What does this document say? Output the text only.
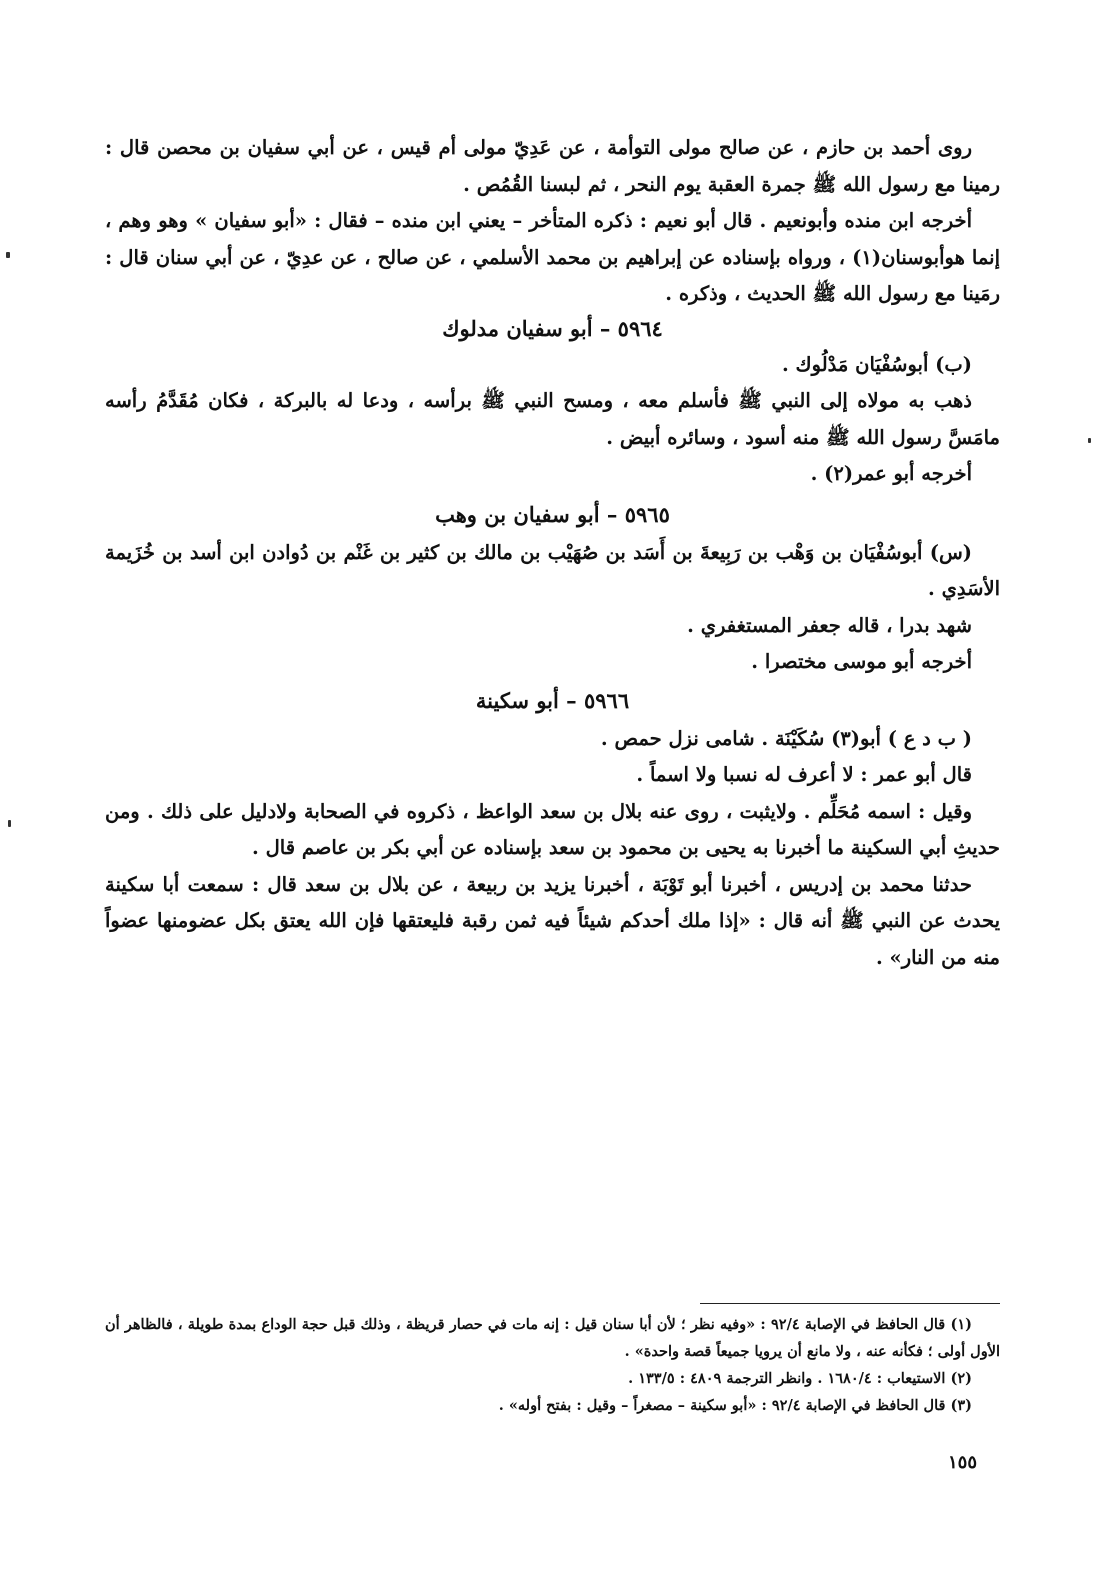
روى أحمد بن حازم ، عن صالح مولى التوأمة ، عن عَدِيّ مولى أم قيس ، عن أبي سفيان بن محصن قال : رمينا مع رسول الله ﷺ جمرة العقبة يوم النحر ، ثم لبسنا القُمُص .

أخرجه ابن منده وأبونعيم . قال أبو نعيم : ذكره المتأخر – يعني ابن منده – فقال : «أبو سفيان » وهو وهم ، إنما هوأبوسنان(١) ، ورواه بإسناده عن إبراهيم بن محمد الأسلمي ، عن صالح ، عن عدِيّ ، عن أبي سنان قال : رمَينا مع رسول الله ﷺ الحديث ، وذكره .

٥٩٦٤ – أبو سفيان مدلوك

(ب) أبوسُفْيَان مَدْلُوك .

ذهب به مولاه إلى النبي ﷺ فأسلم معه ، ومسح النبي ﷺ برأسه ، ودعا له بالبركة ، فكان مُقَدَّمُ رأسه مامَسَّ رسول الله ﷺ منه أسود ، وسائره أبيض .

أخرجه أبو عمر(٢) .

٥٩٦٥ – أبو سفيان بن وهب

(س) أبوسُفْيَان بن وَهْب بن رَبِيعةَ بن أَسَد بن صُهَيْب بن مالك بن كثير بن غَنْم بن دُوادن ابن أسد بن خُزَيمة الأسَدِي .

شهد بدرا ، قاله جعفر المستغفري .

أخرجه أبو موسى مختصرا .

٥٩٦٦ – أبو سكينة

( ب د ع ) أبو(٣) سُكَيْنَة . شامى نزل حمص .

قال أبو عمر : لا أعرف له نسبا ولا اسماً .

وقيل : اسمه مُحَلِّم . ولايثبت ، روى عنه بلال بن سعد الواعظ ، ذكروه في الصحابة ولادليل على ذلك . ومن حديثِ أبي السكينة ما أخبرنا به يحيى بن محمود بن سعد بإسناده عن أبي بكر بن عاصم قال .

حدثنا محمد بن إدريس ، أخبرنا أبو تَوْبَة ، أخبرنا يزيد بن ربيعة ، عن بلال بن سعد قال : سمعت أبا سكينة يحدث عن النبي ﷺ أنه قال : «إذا ملك أحدكم شيئاً فيه ثمن رقبة فليعتقها فإن الله يعتق بكل عضومنها عضواً منه من النار» .

(١) قال الحافظ في الإصابة ٩٢/٤ : «وفيه نظر ؛ لأن أبا سنان قيل : إنه مات في حصار قريظة ، وذلك قبل حجة الوداع بمدة طويلة ، فالظاهر أن الأول أولى ؛ فكأنه عنه ، ولا مانع أن يرويا جميعاً قصة واحدة» .

(٢) الاستيعاب : ١٦٨٠/٤ . وانظر الترجمة ٤٨٠٩ : ١٣٣/٥ .

(٣) قال الحافظ في الإصابة ٩٢/٤ : «أبو سكينة – مصغراً – وقيل : بفتح أوله» .

١٥٥
